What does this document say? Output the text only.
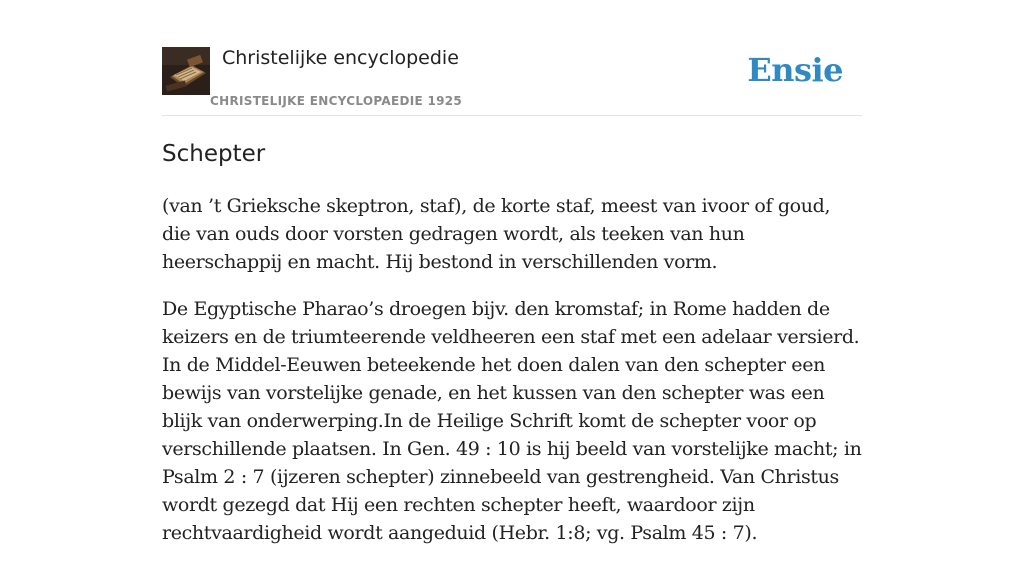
Christelijke encyclopedie
CHRISTELIJKE ENCYCLOPAEDIE 1925
Ensie
Schepter

(van ’t Grieksche skeptron, staf), de korte staf, meest van ivoor of goud, die van ouds door vorsten gedragen wordt, als teeken van hun heerschappij en macht. Hij bestond in verschillenden vorm.

De Egyptische Pharao’s droegen bijv. den kromstaf; in Rome hadden de keizers en de triumteerende veldheeren een staf met een adelaar versierd. In de Middel-Eeuwen beteekende het doen dalen van den schepter een bewijs van vorstelijke genade, en het kussen van den schepter was een blijk van onderwerping.In de Heilige Schrift komt de schepter voor op verschillende plaatsen. In Gen. 49 : 10 is hij beeld van vorstelijke macht; in Psalm 2 : 7 (ijzeren schepter) zinnebeeld van gestrengheid. Van Christus wordt gezegd dat Hij een rechten schepter heeft, waardoor zijn rechtvaardigheid wordt aangeduid (Hebr. 1:8; vg. Psalm 45 : 7).
